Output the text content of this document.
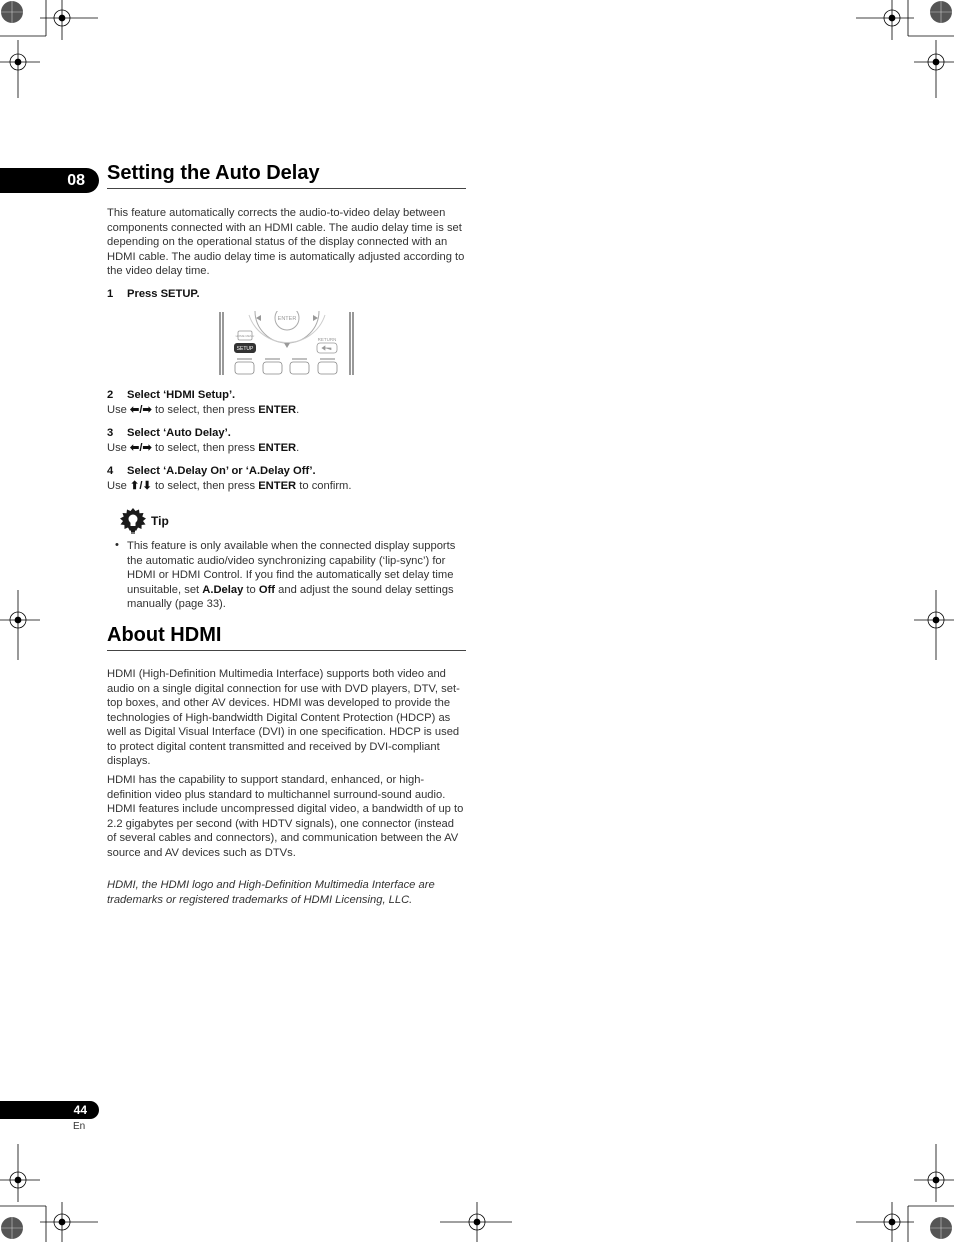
08	Setting the Auto Delay

This feature automatically corrects the audio-to-video delay between components connected with an HDMI cable. The audio delay time is set depending on the operational status of the display connected with an HDMI cable. The audio delay time is automatically adjusted according to the video delay time.

1 Press SETUP.
ENTER
HOME MENU
SETUP
RETURN
2 Select ‘HDMI Setup’.
Use ⬅/➡ to select, then press ENTER.
3 Select ‘Auto Delay’.
Use ⬅/➡ to select, then press ENTER.
4 Select ‘A.Delay On’ or ‘A.Delay Off’.
Use ⬆/⬇ to select, then press ENTER to confirm.
Tip
• This feature is only available when the connected display supports the automatic audio/video synchronizing capability (‘lip-sync’) for HDMI or HDMI Control. If you find the automatically set delay time unsuitable, set A.Delay to Off and adjust the sound delay settings manually (page 33).
About HDMI

HDMI (High-Definition Multimedia Interface) supports both video and audio on a single digital connection for use with DVD players, DTV, set-top boxes, and other AV devices. HDMI was developed to provide the technologies of High-bandwidth Digital Content Protection (HDCP) as well as Digital Visual Interface (DVI) in one specification. HDCP is used to protect digital content transmitted and received by DVI-compliant displays.

HDMI has the capability to support standard, enhanced, or high-definition video plus standard to multichannel surround-sound audio. HDMI features include uncompressed digital video, a bandwidth of up to 2.2 gigabytes per second (with HDTV signals), one connector (instead of several cables and connectors), and communication between the AV source and AV devices such as DTVs.

HDMI, the HDMI logo and High-Definition Multimedia Interface are trademarks or registered trademarks of HDMI Licensing, LLC.

44
En
